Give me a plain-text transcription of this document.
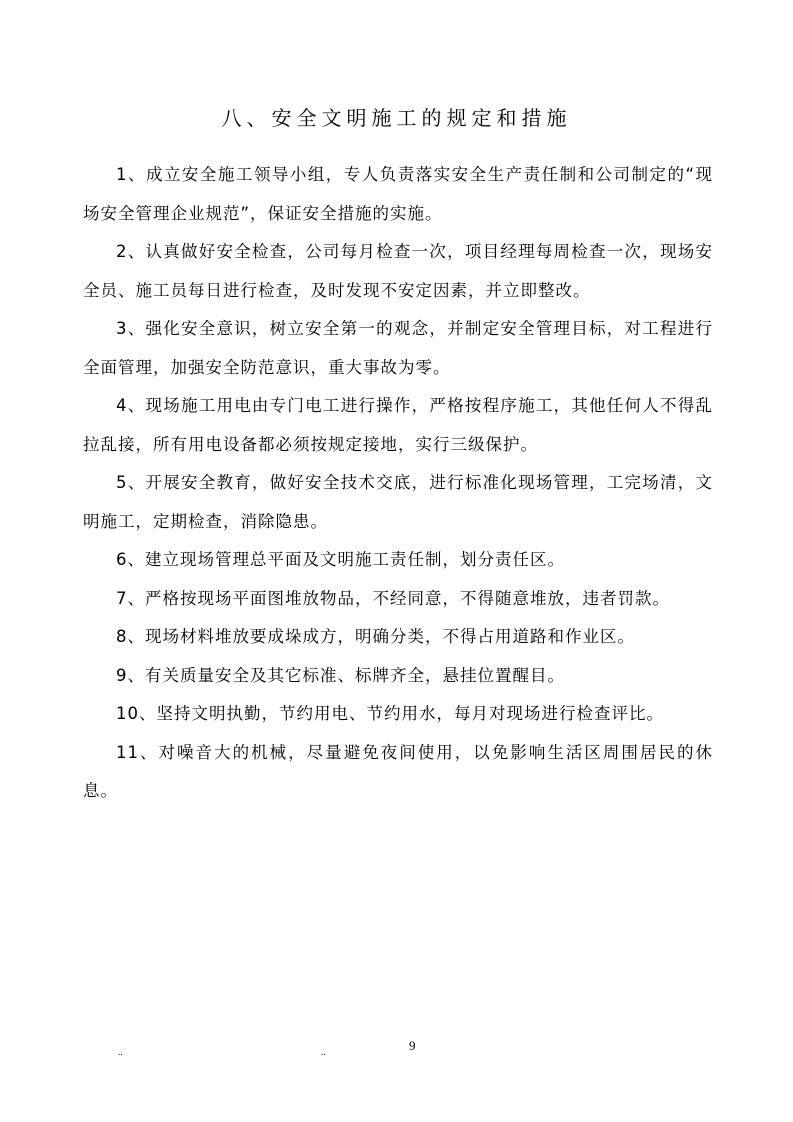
八、安全文明施工的规定和措施

1、成立安全施工领导小组，专人负责落实安全生产责任制和公司制定的“现场安全管理企业规范”，保证安全措施的实施。

2、认真做好安全检查，公司每月检查一次，项目经理每周检查一次，现场安全员、施工员每日进行检查，及时发现不安定因素，并立即整改。

3、强化安全意识，树立安全第一的观念，并制定安全管理目标，对工程进行全面管理，加强安全防范意识，重大事故为零。

4、现场施工用电由专门电工进行操作，严格按程序施工，其他任何人不得乱拉乱接，所有用电设备都必须按规定接地，实行三级保护。

5、开展安全教育，做好安全技术交底，进行标准化现场管理，工完场清，文明施工，定期检查，消除隐患。

6、建立现场管理总平面及文明施工责任制，划分责任区。

7、严格按现场平面图堆放物品，不经同意，不得随意堆放，违者罚款。

8、现场材料堆放要成垛成方，明确分类，不得占用道路和作业区。

9、有关质量安全及其它标准、标牌齐全，悬挂位置醒目。

10、坚持文明执勤，节约用电、节约用水，每月对现场进行检查评比。

11、对噪音大的机械，尽量避免夜间使用，以免影响生活区周围居民的休息。

..	..	9
